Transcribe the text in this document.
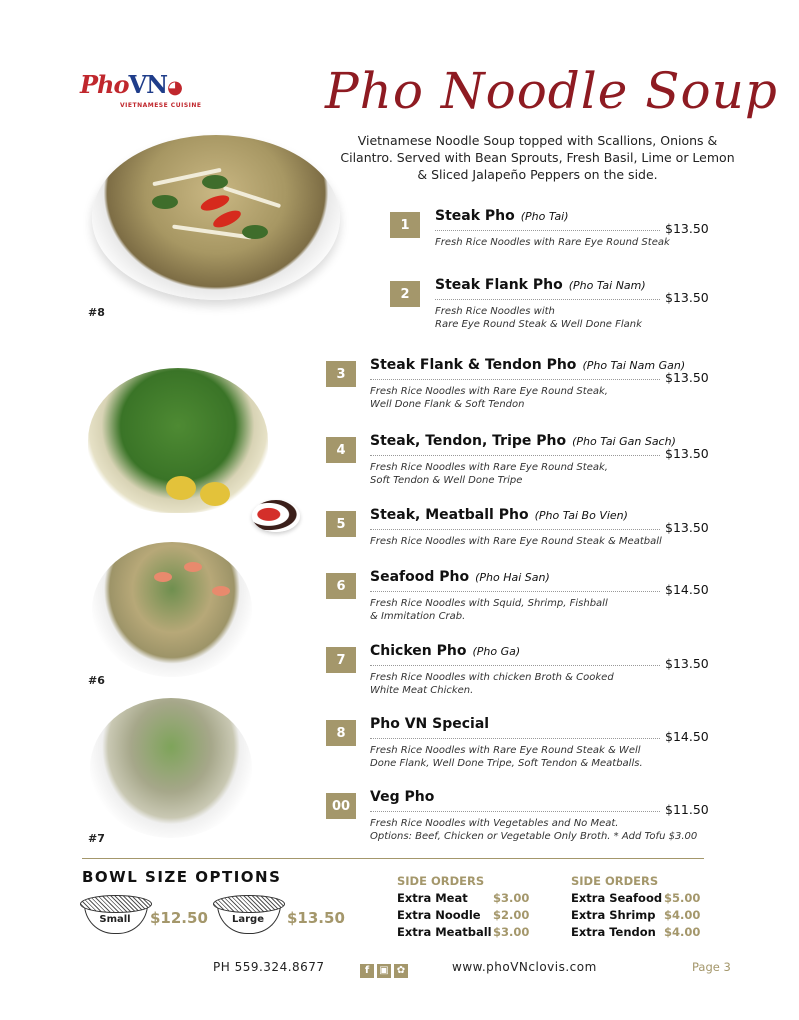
PhoVN◕
VIETNAMESE CUISINE Pho Noodle Soup
Vietnamese Noodle Soup topped with Scallions, Onions & Cilantro. Served with Bean Sprouts, Fresh Basil, Lime or Lemon & Sliced Jalapeño Peppers on the side.
#8
#6
#7
1
Steak Pho (Pho Tai)
$13.50
Fresh Rice Noodles with Rare Eye Round Steak
2
Steak Flank Pho (Pho Tai Nam)
$13.50
Fresh Rice Noodles with
Rare Eye Round Steak & Well Done Flank
3
Steak Flank & Tendon Pho (Pho Tai Nam Gan)
$13.50
Fresh Rice Noodles with Rare Eye Round Steak,
Well Done Flank & Soft Tendon
4
Steak, Tendon, Tripe Pho (Pho Tai Gan Sach)
$13.50
Fresh Rice Noodles with Rare Eye Round Steak,
Soft Tendon & Well Done Tripe
5
Steak, Meatball Pho (Pho Tai Bo Vien)
$13.50
Fresh Rice Noodles with Rare Eye Round Steak & Meatball
6
Seafood Pho (Pho Hai San)
$14.50
Fresh Rice Noodles with Squid, Shrimp, Fishball
& Immitation Crab.
7
Chicken Pho (Pho Ga)
$13.50
Fresh Rice Noodles with chicken Broth & Cooked
White Meat Chicken.
8
Pho VN Special
$14.50
Fresh Rice Noodles with Rare Eye Round Steak & Well
Done Flank, Well Done Tripe, Soft Tendon & Meatballs.
00
Veg Pho
$11.50
Fresh Rice Noodles with Vegetables and No Meat.
Options: Beef, Chicken or Vegetable Only Broth. * Add Tofu $3.00
BOWL SIZE OPTIONS
Small	$12.50	Large	$13.50
SIDE ORDERS
Extra Meat $3.00
Extra Noodle $2.00
Extra Meatball $3.00
SIDE ORDERS
Extra Seafood $5.00
Extra Shrimp $4.00
Extra Tendon $4.00
PH 559.324.8677	f ▣ ✿	www.phoVNclovis.com	Page 3
